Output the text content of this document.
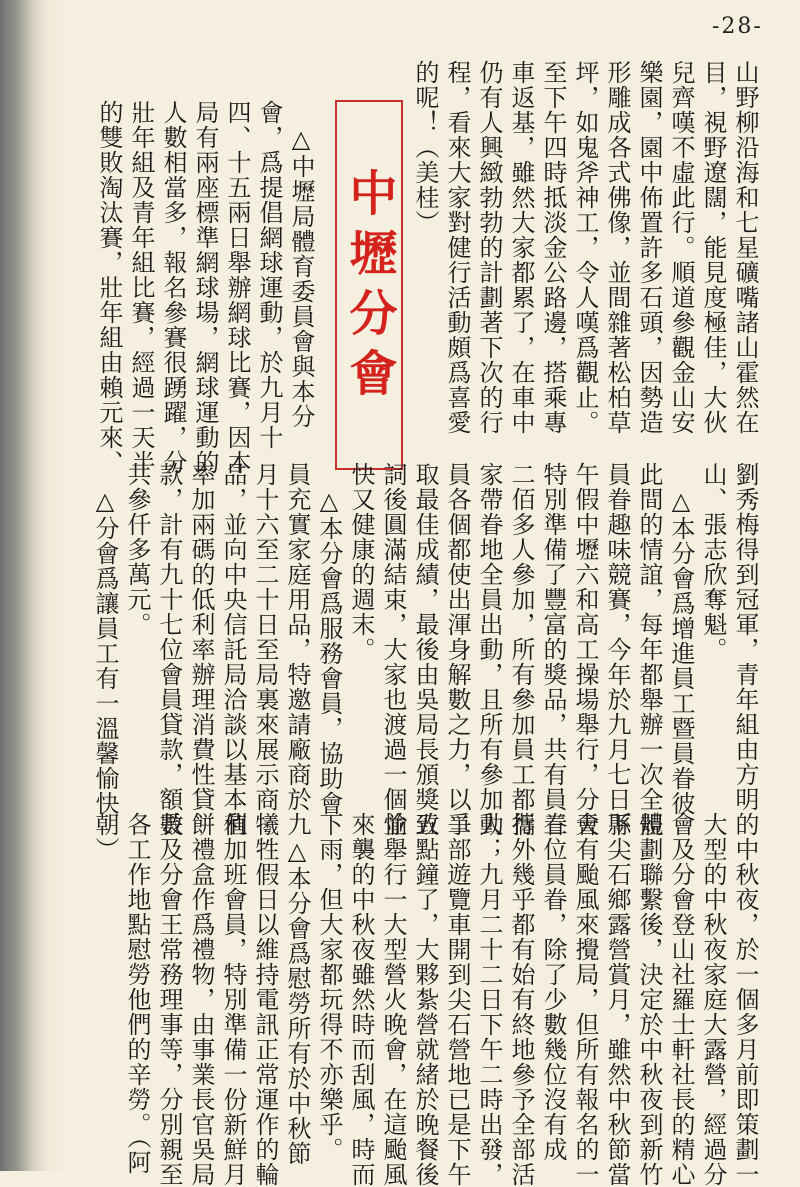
-28-

山野柳沿海和七星礦嘴諸山霍然在

目，視野遼闊，能見度極佳，大伙

兒齊嘆不虛此行。順道參觀金山安

樂園，園中佈置許多石頭，因勢造

形雕成各式佛像，並間雜著松柏草

坪，如鬼斧神工，令人嘆爲觀止。

至下午四時抵淡金公路邊，搭乘專

車返基，雖然大家都累了，在車中

仍有人興緻勃勃的計劃著下次的行

程，看來大家對健行活動頗爲喜愛

的呢！（美桂）

中壢分會

　△中壢局體育委員會與本分

會，爲提倡網球運動，於九月十

四、十五兩日舉辦網球比賽，因本

局有兩座標準網球場，網球運動的

人數相當多，報名參賽很踴躍，分

壯年組及青年組比賽，經過一天半

的雙敗淘汰賽，壯年組由賴元來、

劉秀梅得到冠軍，青年組由方明

山、張志欣奪魁。

　△本分會爲增進員工暨員眷彼

此間的情誼，每年都舉辦一次全體

員眷趣味競賽，今年於九月七日下

午假中壢六和高工操場舉行，分會

特別準備了豐富的獎品，共有員眷

二佰多人參加，所有參加員工都攜

家帶眷地全員出動，且所有參加人

員各個都使出渾身解數之力，以爭

取最佳成績，最後由吳局長頒獎致

詞後圓滿結束，大家也渡過一個愉

快又健康的週末。

　△本分會爲服務會員，協助會

員充實家庭用品，特邀請廠商於九

月十六至二十日至局裏來展示商

品，並向中央信託局洽談以基本利

率加兩碼的低利率辦理消費性貸

款，計有九十七位會員貸款，額數

共參仟多萬元。

　△分會爲讓員工有一溫馨愉快

的中秋夜，於一個多月前即策劃一

大型的中秋夜家庭大露營，經過分

會及分會登山社羅士軒社長的精心

規劃聯繫後，決定於中秋夜到新竹

縣尖石鄉露營賞月，雖然中秋節當

天有颱風來攪局，但所有報名的一

三位員眷，除了少數幾位沒有成

行外幾乎都有始有終地參予全部活

動；九月二十二日下午二時出發，

二部遊覽車開到尖石營地已是下午

五點鐘了，大夥紮營就緒於晚餐後

並舉行一大型營火晚會，在這颱風

來襲的中秋夜雖然時而刮風，時而

下雨，但大家都玩得不亦樂乎。

　△本分會爲慰勞所有於中秋節

犧牲假日以維持電訊正常運作的輪

值加班會員，特別準備一份新鮮月

餅禮盒作爲禮物，由事業長官吳局

長及分會王常務理事等，分別親至

各工作地點慰勞他們的辛勞。（阿

朝）
